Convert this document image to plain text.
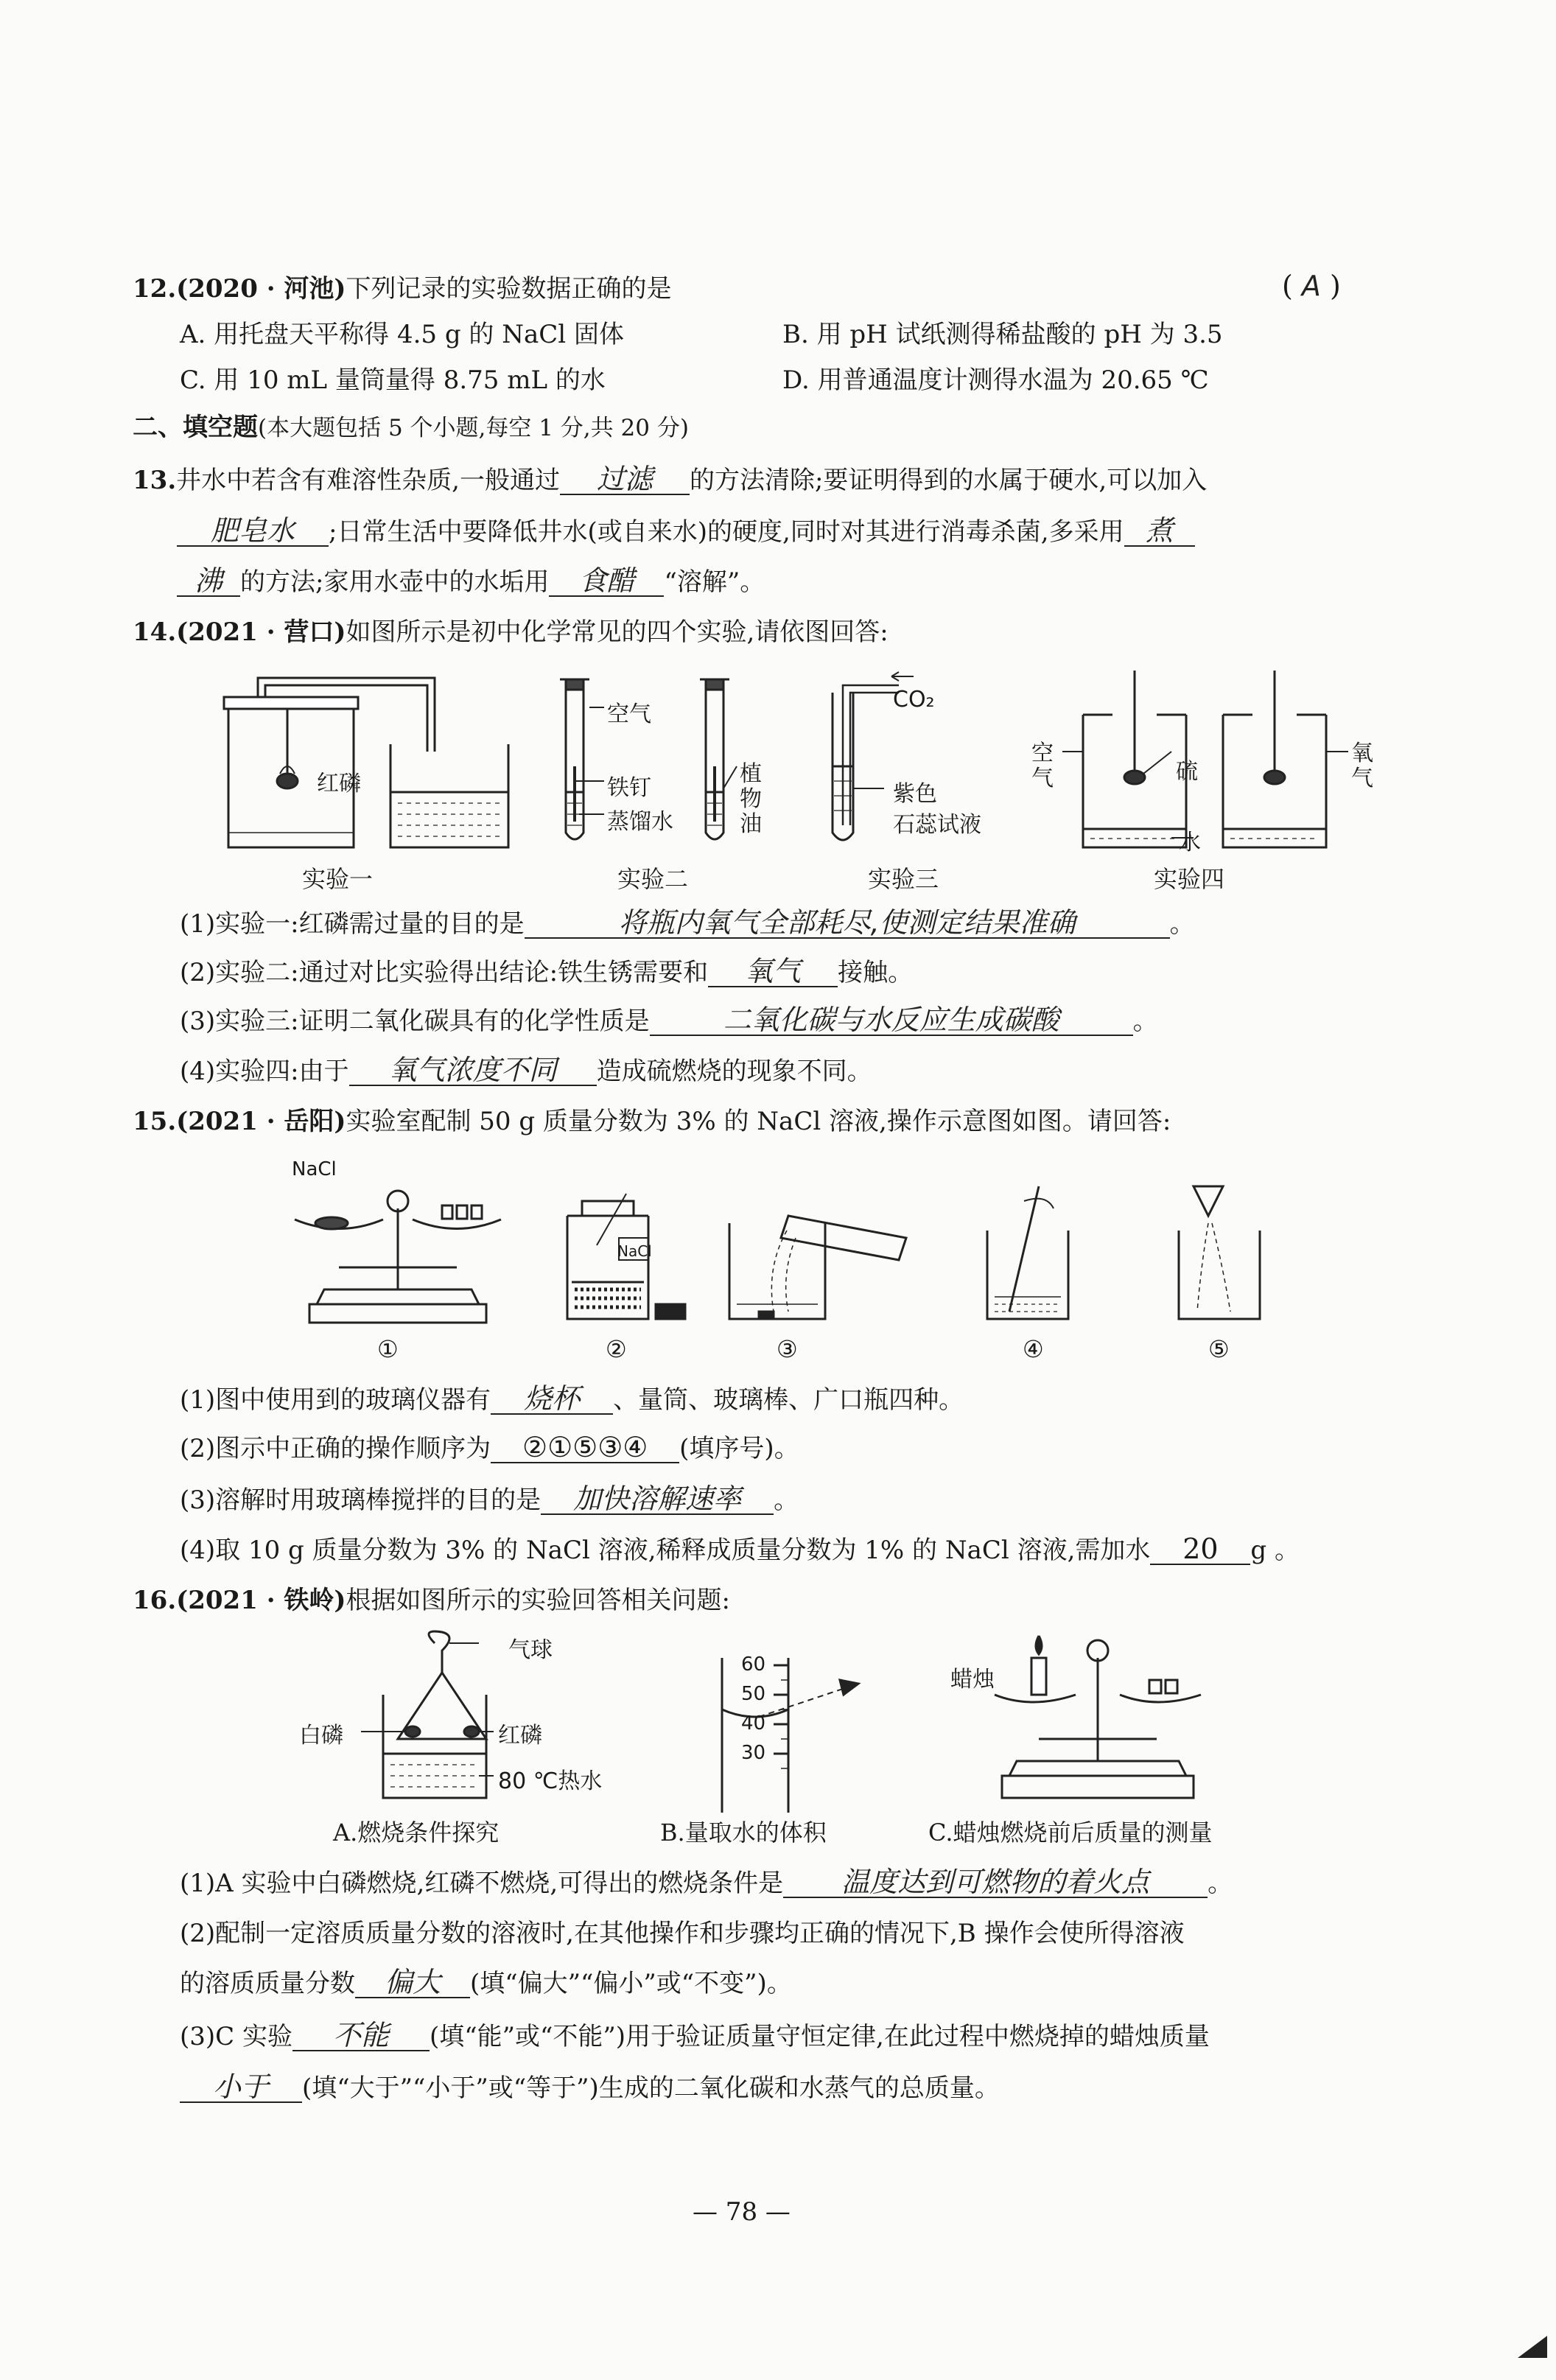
12.(2020 · 河池)下列记录的实验数据正确的是	( A )
A. 用托盘天平称得 4.5 g 的 NaCl 固体	B. 用 pH 试纸测得稀盐酸的 pH 为 3.5
C. 用 10 mL 量筒量得 8.75 mL 的水	D. 用普通温度计测得水温为 20.65 ℃
二、填空题(本大题包括 5 个小题,每空 1 分,共 20 分)
13.井水中若含有难溶性杂质,一般通过 过滤 的方法清除;要证明得到的水属于硬水,可以加入
肥皂水 ;日常生活中要降低井水(或自来水)的硬度,同时对其进行消毒杀菌,多采用 煮
沸 的方法;家用水壶中的水垢用 食醋 “溶解”。
14.(2021 · 营口)如图所示是初中化学常见的四个实验,请依图回答:
红磷
实验一
空气
铁钉
蒸馏水
植物油
实验二
CO₂
紫色
石蕊试液
实验三
空气	硫
氧气
水
实验四
(1)实验一:红磷需过量的目的是	将瓶内氧气全部耗尽,使测定结果准确	。
(2)实验二:通过对比实验得出结论:铁生锈需要和 氧气 接触。
(3)实验三:证明二氧化碳具有的化学性质是	二氧化碳与水反应生成碳酸	。
(4)实验四:由于 氧气浓度不同 造成硫燃烧的现象不同。
15.(2021 · 岳阳)实验室配制 50 g 质量分数为 3% 的 NaCl 溶液,操作示意图如图。请回答:
NaCl
①
NaCl
②	③	④	⑤
(1)图中使用到的玻璃仪器有 烧杯 、量筒、玻璃棒、广口瓶四种。
(2)图示中正确的操作顺序为 ②①⑤③④ (填序号)。
(3)溶解时用玻璃棒搅拌的目的是 加快溶解速率 。
(4)取 10 g 质量分数为 3% 的 NaCl 溶液,稀释成质量分数为 1% 的 NaCl 溶液,需加水 20 g 。
16.(2021 · 铁岭)根据如图所示的实验回答相关问题:
气球
白磷	红磷
80 ℃热水
A.燃烧条件探究
60
50
40
30
B.量取水的体积
蜡烛
C.蜡烛燃烧前后质量的测量
(1)A 实验中白磷燃烧,红磷不燃烧,可得出的燃烧条件是 温度达到可燃物的着火点 。
(2)配制一定溶质质量分数的溶液时,在其他操作和步骤均正确的情况下,B 操作会使所得溶液
的溶质质量分数 偏大 (填“偏大”“偏小”或“不变”)。
(3)C 实验 不能 (填“能”或“不能”)用于验证质量守恒定律,在此过程中燃烧掉的蜡烛质量
小于 (填“大于”“小于”或“等于”)生成的二氧化碳和水蒸气的总质量。
— 78 —
